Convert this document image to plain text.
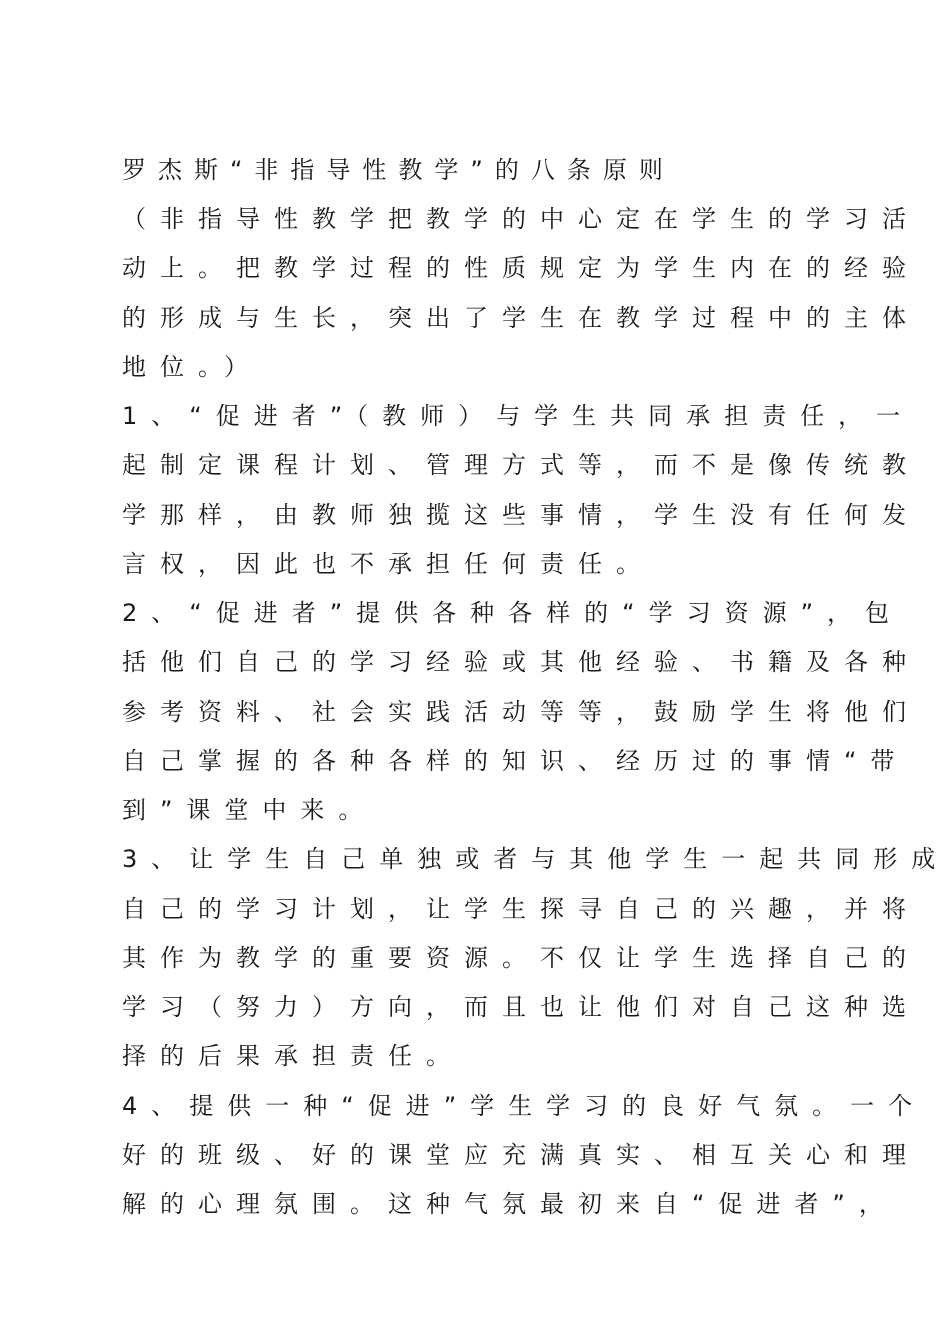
罗杰斯“非指导性教学”的八条原则
（非指导性教学把教学的中心定在学生的学习活
动上。把教学过程的性质规定为学生内在的经验
的形成与生长，突出了学生在教学过程中的主体
地位。）
1、“促进者”（教师）与学生共同承担责任，一
起制定课程计划、管理方式等，而不是像传统教
学那样，由教师独揽这些事情，学生没有任何发
言权，因此也不承担任何责任。
2、“促进者”提供各种各样的“学习资源”，包
括他们自己的学习经验或其他经验、书籍及各种
参考资料、社会实践活动等等，鼓励学生将他们
自己掌握的各种各样的知识、经历过的事情“带
到”课堂中来。
3、让学生自己单独或者与其他学生一起共同形成
自己的学习计划，让学生探寻自己的兴趣，并将
其作为教学的重要资源。不仅让学生选择自己的
学习（努力）方向，而且也让他们对自己这种选
择的后果承担责任。
4、提供一种“促进”学生学习的良好气氛。一个
好的班级、好的课堂应充满真实、相互关心和理
解的心理氛围。这种气氛最初来自“促进者”，
